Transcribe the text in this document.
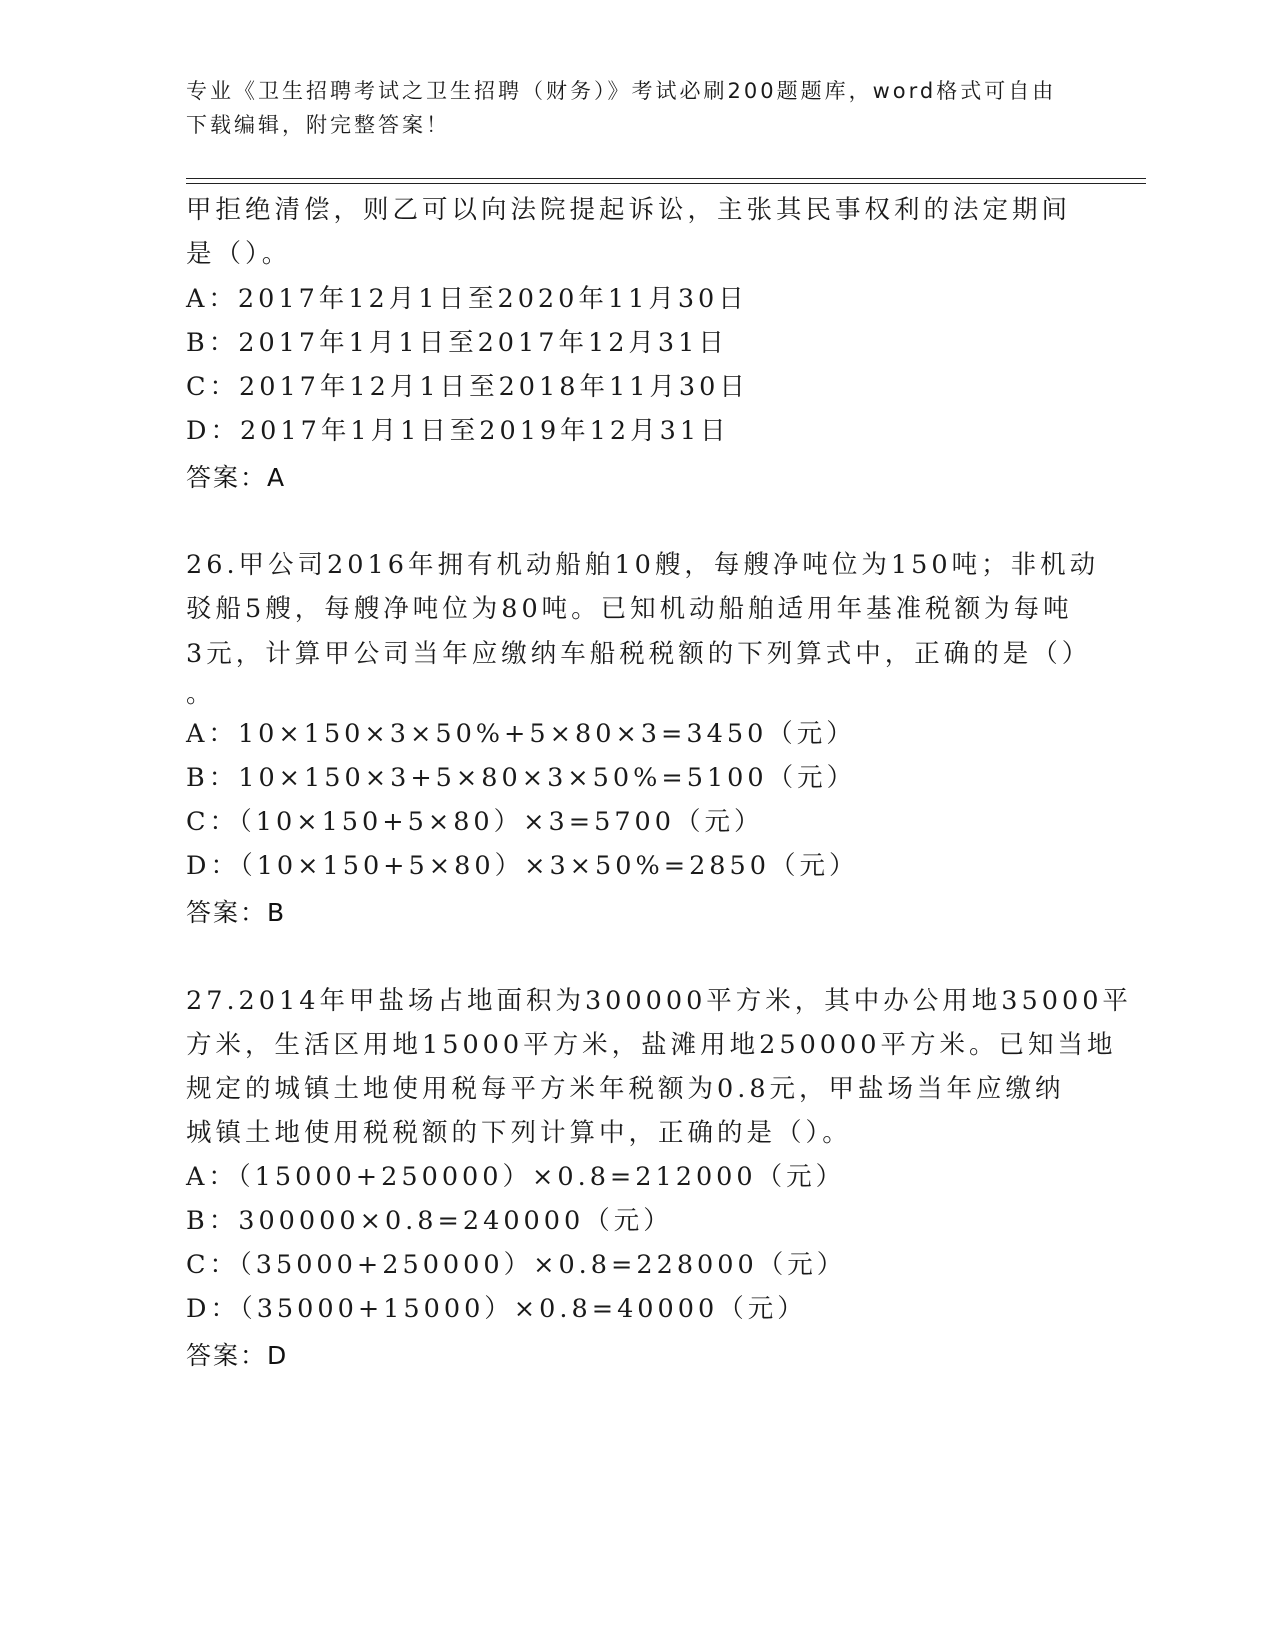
专业《卫生招聘考试之卫生招聘（财务）》考试必刷200题题库，word格式可自由下载编辑，附完整答案！
甲拒绝清偿，则乙可以向法院提起诉讼，主张其民事权利的法定期间
是（）。
A：2017年12月1日至2020年11月30日
B：2017年1月1日至2017年12月31日
C：2017年12月1日至2018年11月30日
D：2017年1月1日至2019年12月31日
答案：A
26.甲公司2016年拥有机动船舶10艘，每艘净吨位为150吨；非机动
驳船5艘，每艘净吨位为80吨。已知机动船舶适用年基准税额为每吨
3元，计算甲公司当年应缴纳车船税税额的下列算式中，正确的是（）
。
A：10×150×3×50%+5×80×3=3450（元）
B：10×150×3+5×80×3×50%=5100（元）
C：（10×150+5×80）×3=5700（元）
D：（10×150+5×80）×3×50%=2850（元）
答案：B
27.2014年甲盐场占地面积为300000平方米，其中办公用地35000平
方米，生活区用地15000平方米，盐滩用地250000平方米。已知当地
规定的城镇土地使用税每平方米年税额为0.8元，甲盐场当年应缴纳
城镇土地使用税税额的下列计算中，正确的是（）。
A：（15000+250000）×0.8=212000（元）
B：300000×0.8=240000（元）
C：（35000+250000）×0.8=228000（元）
D：（35000+15000）×0.8=40000（元）
答案：D
